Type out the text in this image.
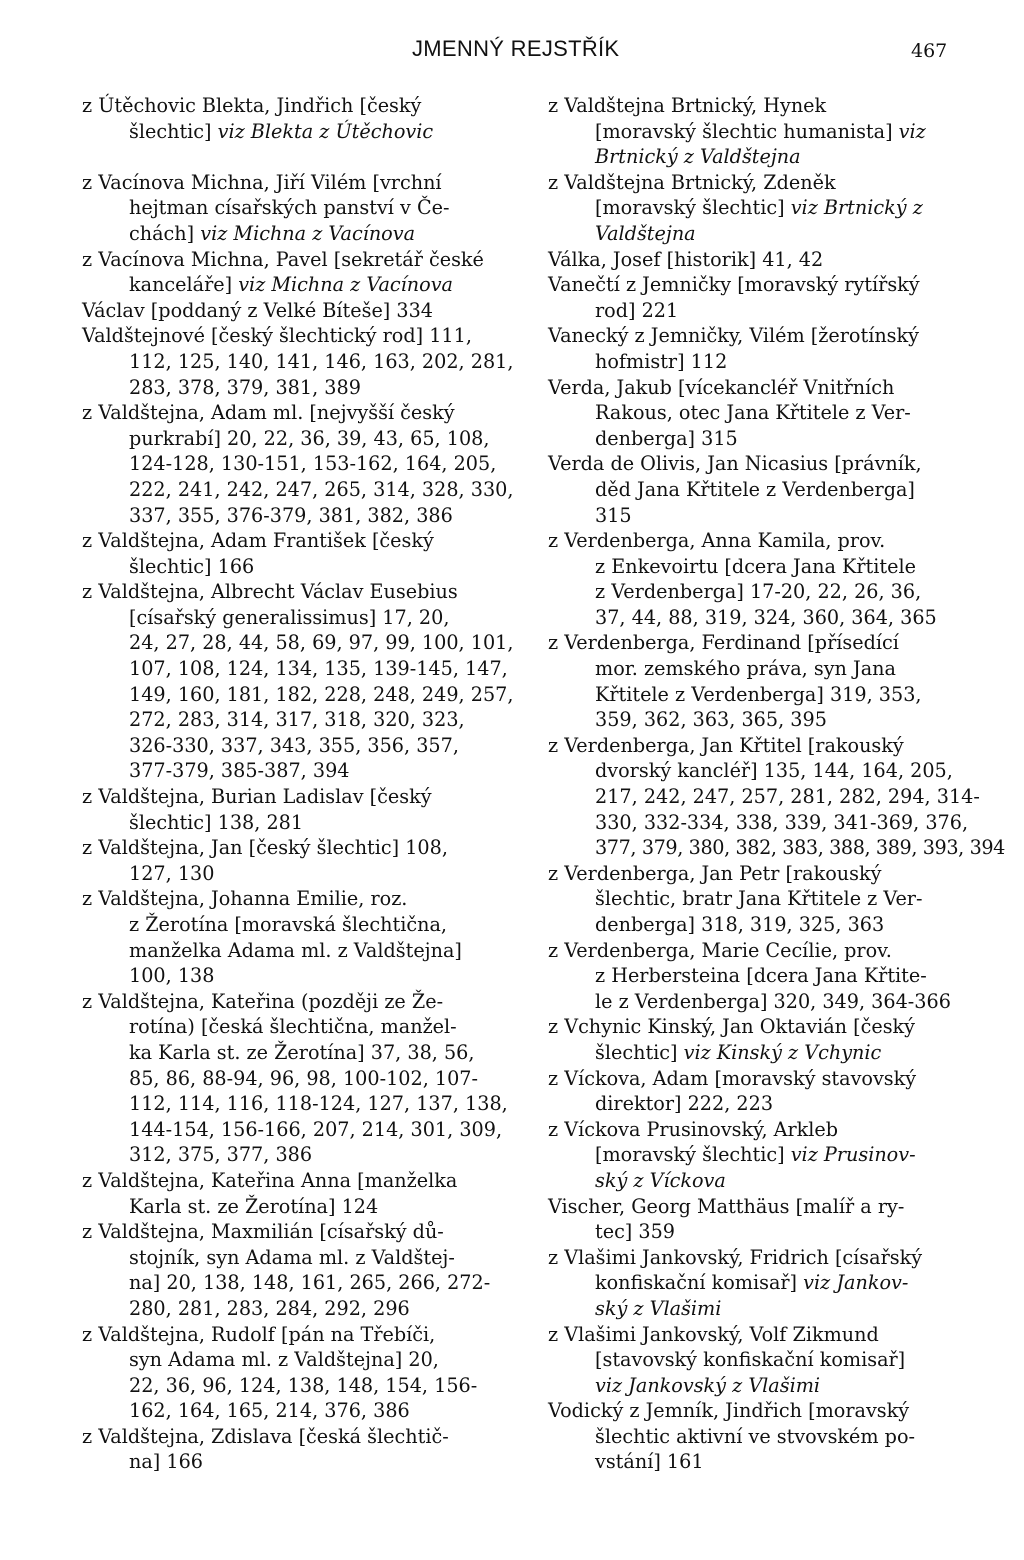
JMENNÝ REJSTŘÍK	467
z Útěchovic Blekta, Jindřich [český
šlechtic] viz Blekta z Útěchovic
z Vacínova Michna, Jiří Vilém [vrchní
hejtman císařských panství v Če-
chách] viz Michna z Vacínova
z Vacínova Michna, Pavel [sekretář české
kanceláře] viz Michna z Vacínova
Václav [poddaný z Velké Bíteše] 334
Valdštejnové [český šlechtický rod] 111,
112, 125, 140, 141, 146, 163, 202, 281,
283, 378, 379, 381, 389
z Valdštejna, Adam ml. [nejvyšší český
purkrabí] 20, 22, 36, 39, 43, 65, 108,
124-128, 130-151, 153-162, 164, 205,
222, 241, 242, 247, 265, 314, 328, 330,
337, 355, 376-379, 381, 382, 386
z Valdštejna, Adam František [český
šlechtic] 166
z Valdštejna, Albrecht Václav Eusebius
[císařský generalissimus] 17, 20,
24, 27, 28, 44, 58, 69, 97, 99, 100, 101,
107, 108, 124, 134, 135, 139-145, 147,
149, 160, 181, 182, 228, 248, 249, 257,
272, 283, 314, 317, 318, 320, 323,
326-330, 337, 343, 355, 356, 357,
377-379, 385-387, 394
z Valdštejna, Burian Ladislav [český
šlechtic] 138, 281
z Valdštejna, Jan [český šlechtic] 108,
127, 130
z Valdštejna, Johanna Emilie, roz.
z Žerotína [moravská šlechtična,
manželka Adama ml. z Valdštejna]
100, 138
z Valdštejna, Kateřina (později ze Že-
rotína) [česká šlechtična, manžel-
ka Karla st. ze Žerotína] 37, 38, 56,
85, 86, 88-94, 96, 98, 100-102, 107-
112, 114, 116, 118-124, 127, 137, 138,
144-154, 156-166, 207, 214, 301, 309,
312, 375, 377, 386
z Valdštejna, Kateřina Anna [manželka
Karla st. ze Žerotína] 124
z Valdštejna, Maxmilián [císařský dů-
stojník, syn Adama ml. z Valdštej-
na] 20, 138, 148, 161, 265, 266, 272-
280, 281, 283, 284, 292, 296
z Valdštejna, Rudolf [pán na Třebíči,
syn Adama ml. z Valdštejna] 20,
22, 36, 96, 124, 138, 148, 154, 156-
162, 164, 165, 214, 376, 386
z Valdštejna, Zdislava [česká šlechtič-
na] 166
z Valdštejna Brtnický, Hynek
[moravský šlechtic humanista] viz
Brtnický z Valdštejna
z Valdštejna Brtnický, Zdeněk
[moravský šlechtic] viz Brtnický z
Valdštejna
Válka, Josef [historik] 41, 42
Vanečtí z Jemničky [moravský rytířský
rod] 221
Vanecký z Jemničky, Vilém [žerotínský
hofmistr] 112
Verda, Jakub [vícekancléř Vnitřních
Rakous, otec Jana Křtitele z Ver-
denberga] 315
Verda de Olivis, Jan Nicasius [právník,
děd Jana Křtitele z Verdenberga]
315
z Verdenberga, Anna Kamila, prov.
z Enkevoirtu [dcera Jana Křtitele
z Verdenberga] 17-20, 22, 26, 36,
37, 44, 88, 319, 324, 360, 364, 365
z Verdenberga, Ferdinand [přísedící
mor. zemského práva, syn Jana
Křtitele z Verdenberga] 319, 353,
359, 362, 363, 365, 395
z Verdenberga, Jan Křtitel [rakouský
dvorský kancléř] 135, 144, 164, 205,
217, 242, 247, 257, 281, 282, 294, 314-
330, 332-334, 338, 339, 341-369, 376,
377, 379, 380, 382, 383, 388, 389, 393, 394
z Verdenberga, Jan Petr [rakouský
šlechtic, bratr Jana Křtitele z Ver-
denberga] 318, 319, 325, 363
z Verdenberga, Marie Cecílie, prov.
z Herbersteina [dcera Jana Křtite-
le z Verdenberga] 320, 349, 364-366
z Vchynic Kinský, Jan Oktavián [český
šlechtic] viz Kinský z Vchynic
z Víckova, Adam [moravský stavovský
direktor] 222, 223
z Víckova Prusinovský, Arkleb
[moravský šlechtic] viz Prusinov-
ský z Víckova
Vischer, Georg Matthäus [malíř a ry-
tec] 359
z Vlašimi Jankovský, Fridrich [císařský
konfiskační komisař] viz Jankov-
ský z Vlašimi
z Vlašimi Jankovský, Volf Zikmund
[stavovský konfiskační komisař]
viz Jankovský z Vlašimi
Vodický z Jemník, Jindřich [moravský
šlechtic aktivní ve stvovském po-
vstání] 161
